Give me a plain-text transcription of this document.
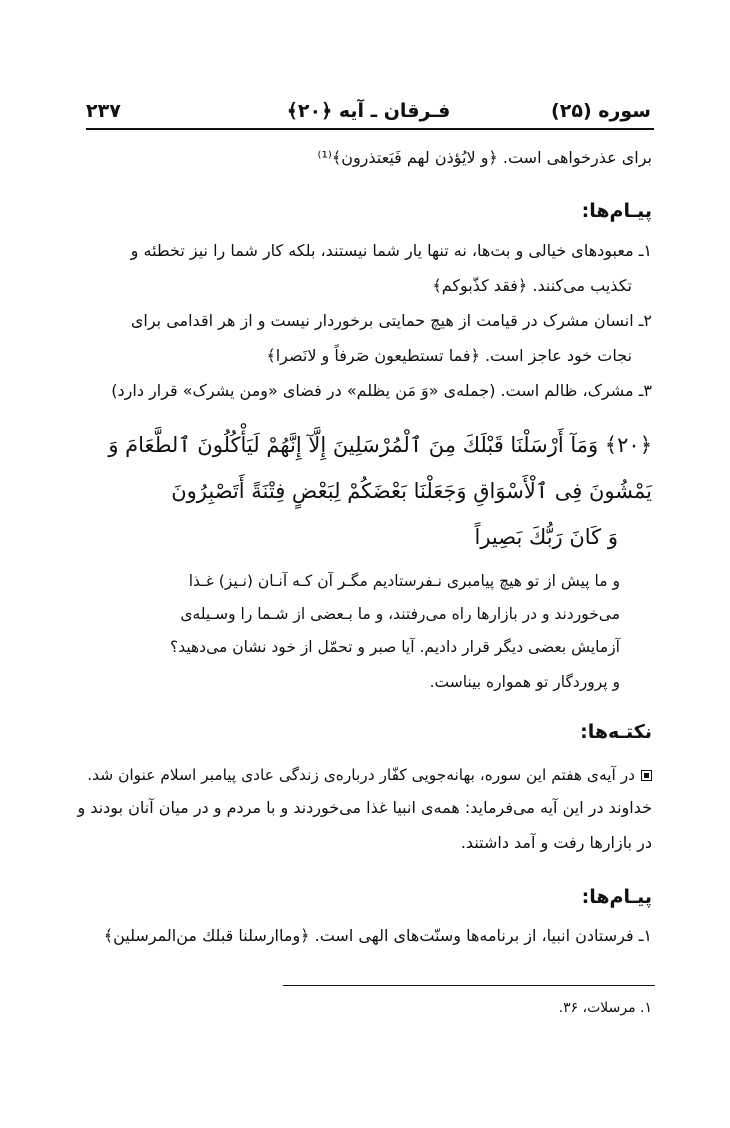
سوره (۲۵)
فـرقان ـ آیه ﴿۲۰﴾
۲۳۷
برای عذرخواهی است. ﴿و لایُؤذن لهم فَیَعتذرون﴾⁽¹⁾
پیـام‌ها:
۱ـ معبودهای خیالی و بت‌ها، نه تنها یار شما نیستند، بلکه کار شما را نیز تخطئه و
تکذیب می‌کنند. ﴿فقد کذّبوکم﴾
۲ـ انسان مشرک در قیامت از هیچ حمایتی برخوردار نیست و از هر اقدامی برای
نجات خود عاجز است. ﴿فما تستطیعون صَرفاً و لانَصرا﴾
۳ـ مشرک، ظالم است. (جمله‌ی «وَ مَن یظلم» در فضای «ومن یشرک» قرار دارد)
﴿۲۰﴾ وَمَآ أَرْسَلْنَا قَبْلَكَ مِنَ ٱلْمُرْسَلِينَ إِلَّآ إِنَّهُمْ لَيَأْكُلُونَ ٱلطَّعَامَ وَ
يَمْشُونَ فِى ٱلْأَسْوَاقِ وَجَعَلْنَا بَعْضَكُمْ لِبَعْضٍ فِتْنَةً أَتَصْبِرُونَ
وَ كَانَ رَبُّكَ بَصِيراً
و ما پیش از تو هیچ پیامبری نـفرستادیم مگـر آن کـه آنـان (نـیز) غـذا
می‌خوردند و در بازارها راه می‌رفتند، و ما بـعضی از شـما را وسـیله‌ی
آزمایش بعضی دیگر قرار دادیم. آیا صبر و تحمّل از خود نشان می‌دهید؟
و پروردگار تو همواره بیناست.
نکتـه‌ها:
در آیه‌ی هفتم این سوره، بهانه‌جویی کفّار درباره‌ی زندگی عادی پیامبر اسلام عنوان شد.
خداوند در این آیه می‌فرماید: همه‌ی انبیا غذا می‌خوردند و با مردم و در میان آنان بودند و
در بازارها رفت و آمد داشتند.
پیـام‌ها:
۱ـ فرستادن انبیا، از برنامه‌ها وسنّت‌های الهی است. ﴿وماارسلنا قبلك من‌المرسلین﴾
۱. مرسلات، ۳۶.
